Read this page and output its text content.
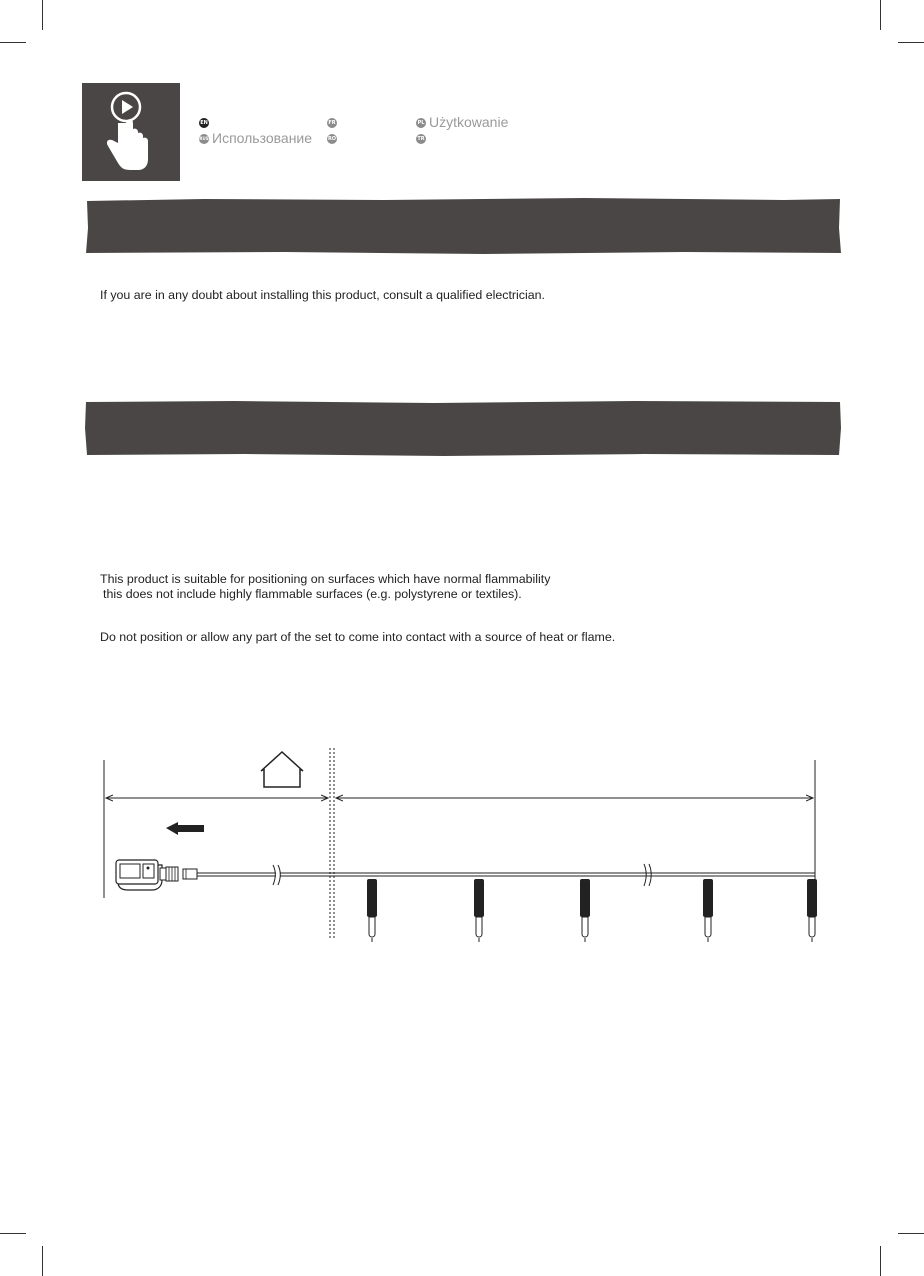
EN	FR	PL Użytkowanie
RUS Использование	RO	TR

If you are in any doubt about installing this product, consult a qualified electrician.

This product is suitable for positioning on surfaces which have normal flammability

this does not include highly flammable surfaces (e.g. polystyrene or textiles).

Do not position or allow any part of the set to come into contact with a source of heat or flame.
